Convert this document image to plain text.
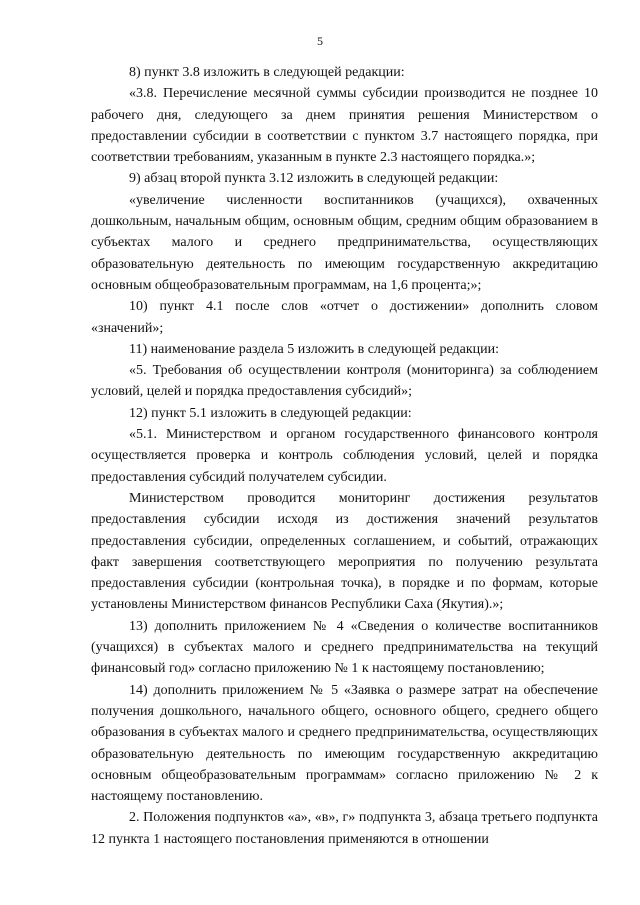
5

8) пункт 3.8 изложить в следующей редакции:

«3.8. Перечисление месячной суммы субсидии производится не позднее 10 рабочего дня, следующего за днем принятия решения Министерством о предоставлении субсидии в соответствии с пунктом 3.7 настоящего порядка, при соответствии требованиям, указанным в пункте 2.3 настоящего порядка.»;

9) абзац второй пункта 3.12 изложить в следующей редакции:

«увеличение численности воспитанников (учащихся), охваченных дошкольным, начальным общим, основным общим, средним общим образованием в субъектах малого и среднего предпринимательства, осуществляющих образовательную деятельность по имеющим государственную аккредитацию основным общеобразовательным программам, на 1,6 процента;»;

10) пункт 4.1 после слов «отчет о достижении» дополнить словом «значений»;

11) наименование раздела 5 изложить в следующей редакции:

«5. Требования об осуществлении контроля (мониторинга) за соблюдением условий, целей и порядка предоставления субсидий»;

12) пункт 5.1 изложить в следующей редакции:

«5.1. Министерством и органом государственного финансового контроля осуществляется проверка и контроль соблюдения условий, целей и порядка предоставления субсидий получателем субсидии.

Министерством проводится мониторинг достижения результатов предоставления субсидии исходя из достижения значений результатов предоставления субсидии, определенных соглашением, и событий, отражающих факт завершения соответствующего мероприятия по получению результата предоставления субсидии (контрольная точка), в порядке и по формам, которые установлены Министерством финансов Республики Саха (Якутия).»;

13) дополнить приложением № 4 «Сведения о количестве воспитанников (учащихся) в субъектах малого и среднего предпринимательства на текущий финансовый год» согласно приложению № 1 к настоящему постановлению;

14) дополнить приложением № 5 «Заявка о размере затрат на обеспечение получения дошкольного, начального общего, основного общего, среднего общего образования в субъектах малого и среднего предпринимательства, осуществляющих образовательную деятельность по имеющим государственную аккредитацию основным общеобразовательным программам» согласно приложению № 2 к настоящему постановлению.

2. Положения подпунктов «а», «в», г» подпункта 3, абзаца третьего подпункта 12 пункта 1 настоящего постановления применяются в отношении
